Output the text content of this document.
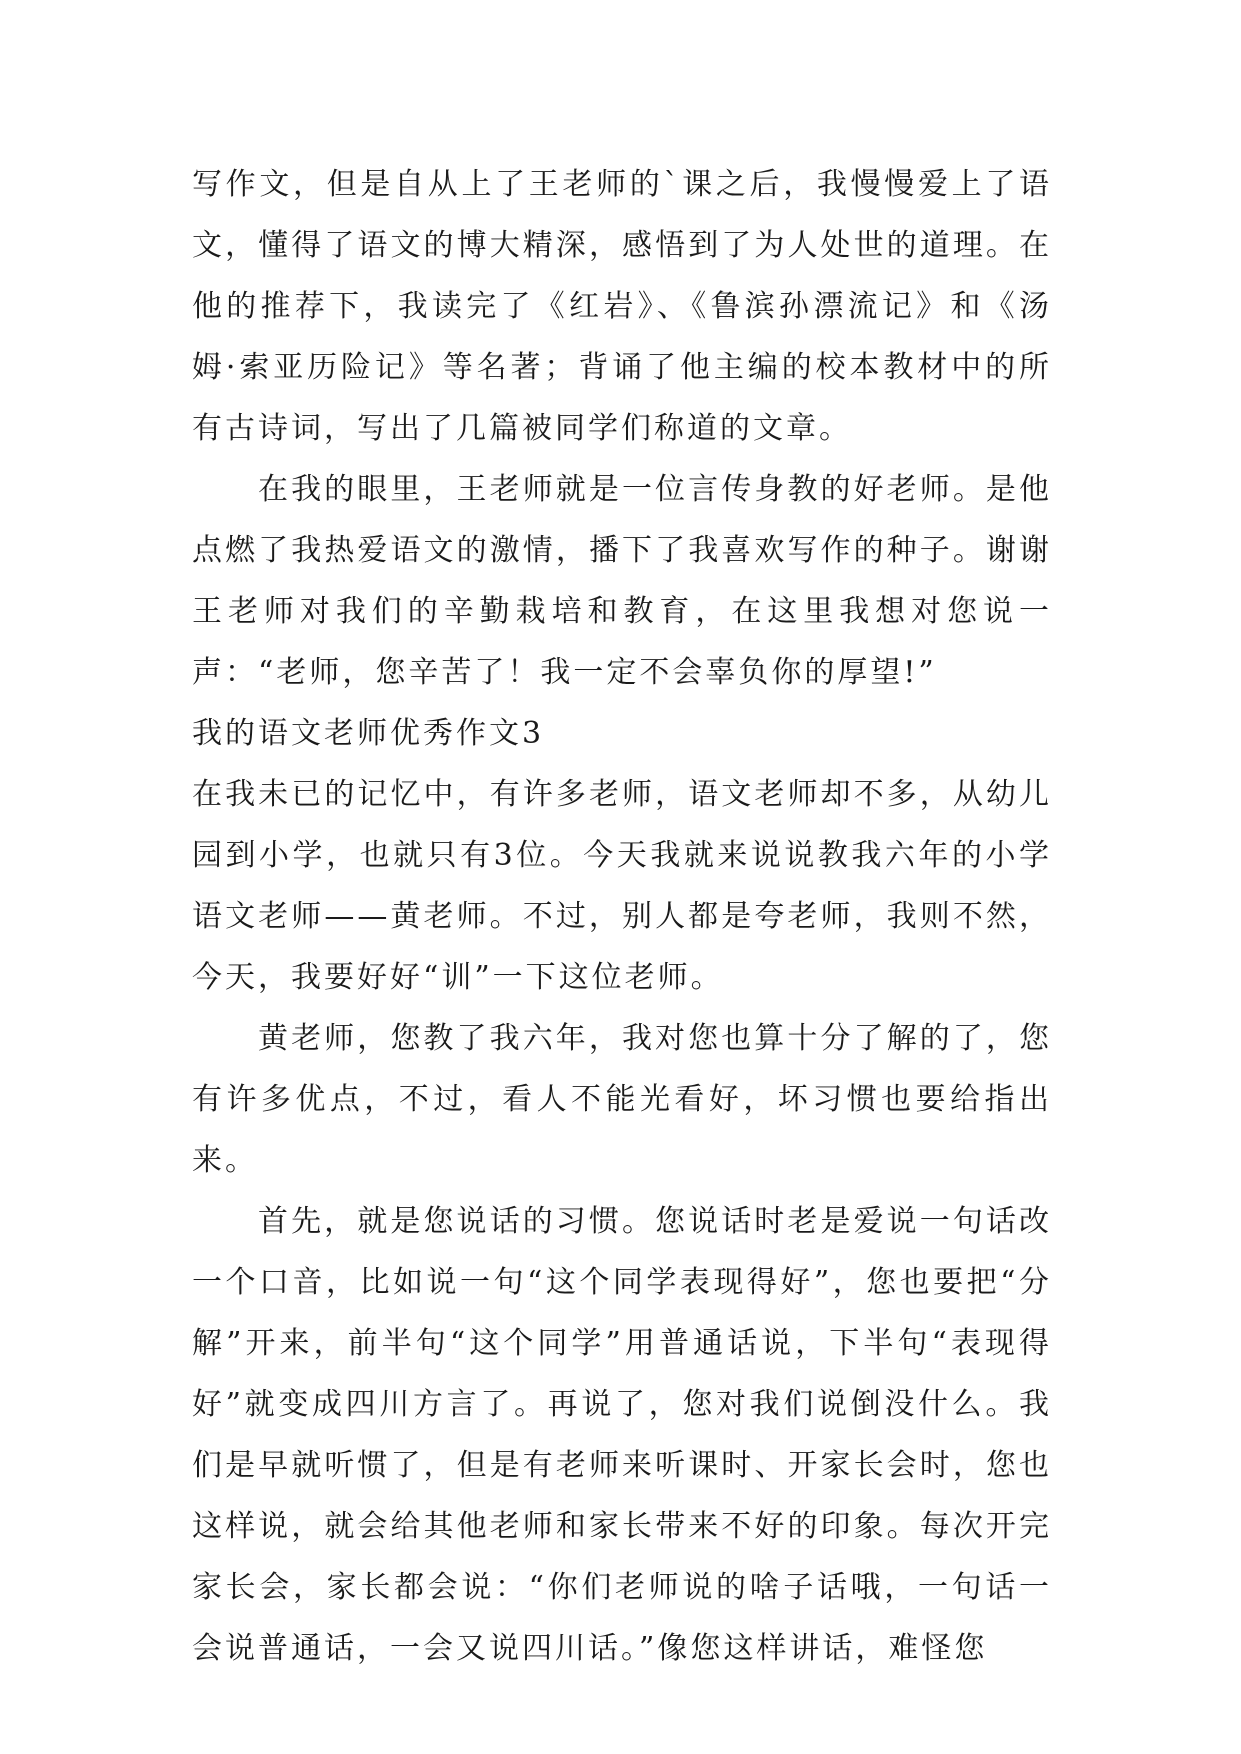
写作文，但是自从上了王老师的`课之后，我慢慢爱上了语文，懂得了语文的博大精深，感悟到了为人处世的道理。在他的推荐下，我读完了《红岩》、《鲁滨孙漂流记》和《汤姆·索亚历险记》等名著；背诵了他主编的校本教材中的所有古诗词，写出了几篇被同学们称道的文章。

在我的眼里，王老师就是一位言传身教的好老师。是他点燃了我热爱语文的激情，播下了我喜欢写作的种子。谢谢王老师对我们的辛勤栽培和教育，在这里我想对您说一声：“老师，您辛苦了！我一定不会辜负你的厚望!”

我的语文老师优秀作文3

在我未已的记忆中，有许多老师，语文老师却不多，从幼儿园到小学，也就只有3位。今天我就来说说教我六年的小学语文老师——黄老师。不过，别人都是夸老师，我则不然，今天，我要好好“训”一下这位老师。

黄老师，您教了我六年，我对您也算十分了解的了，您有许多优点，不过，看人不能光看好，坏习惯也要给指出来。

首先，就是您说话的习惯。您说话时老是爱说一句话改一个口音，比如说一句“这个同学表现得好”，您也要把“分解”开来，前半句“这个同学”用普通话说，下半句“表现得好”就变成四川方言了。再说了，您对我们说倒没什么。我们是早就听惯了，但是有老师来听课时、开家长会时，您也这样说，就会给其他老师和家长带来不好的印象。每次开完家长会，家长都会说：“你们老师说的啥子话哦，一句话一会说普通话，一会又说四川话。”像您这样讲话，难怪您
